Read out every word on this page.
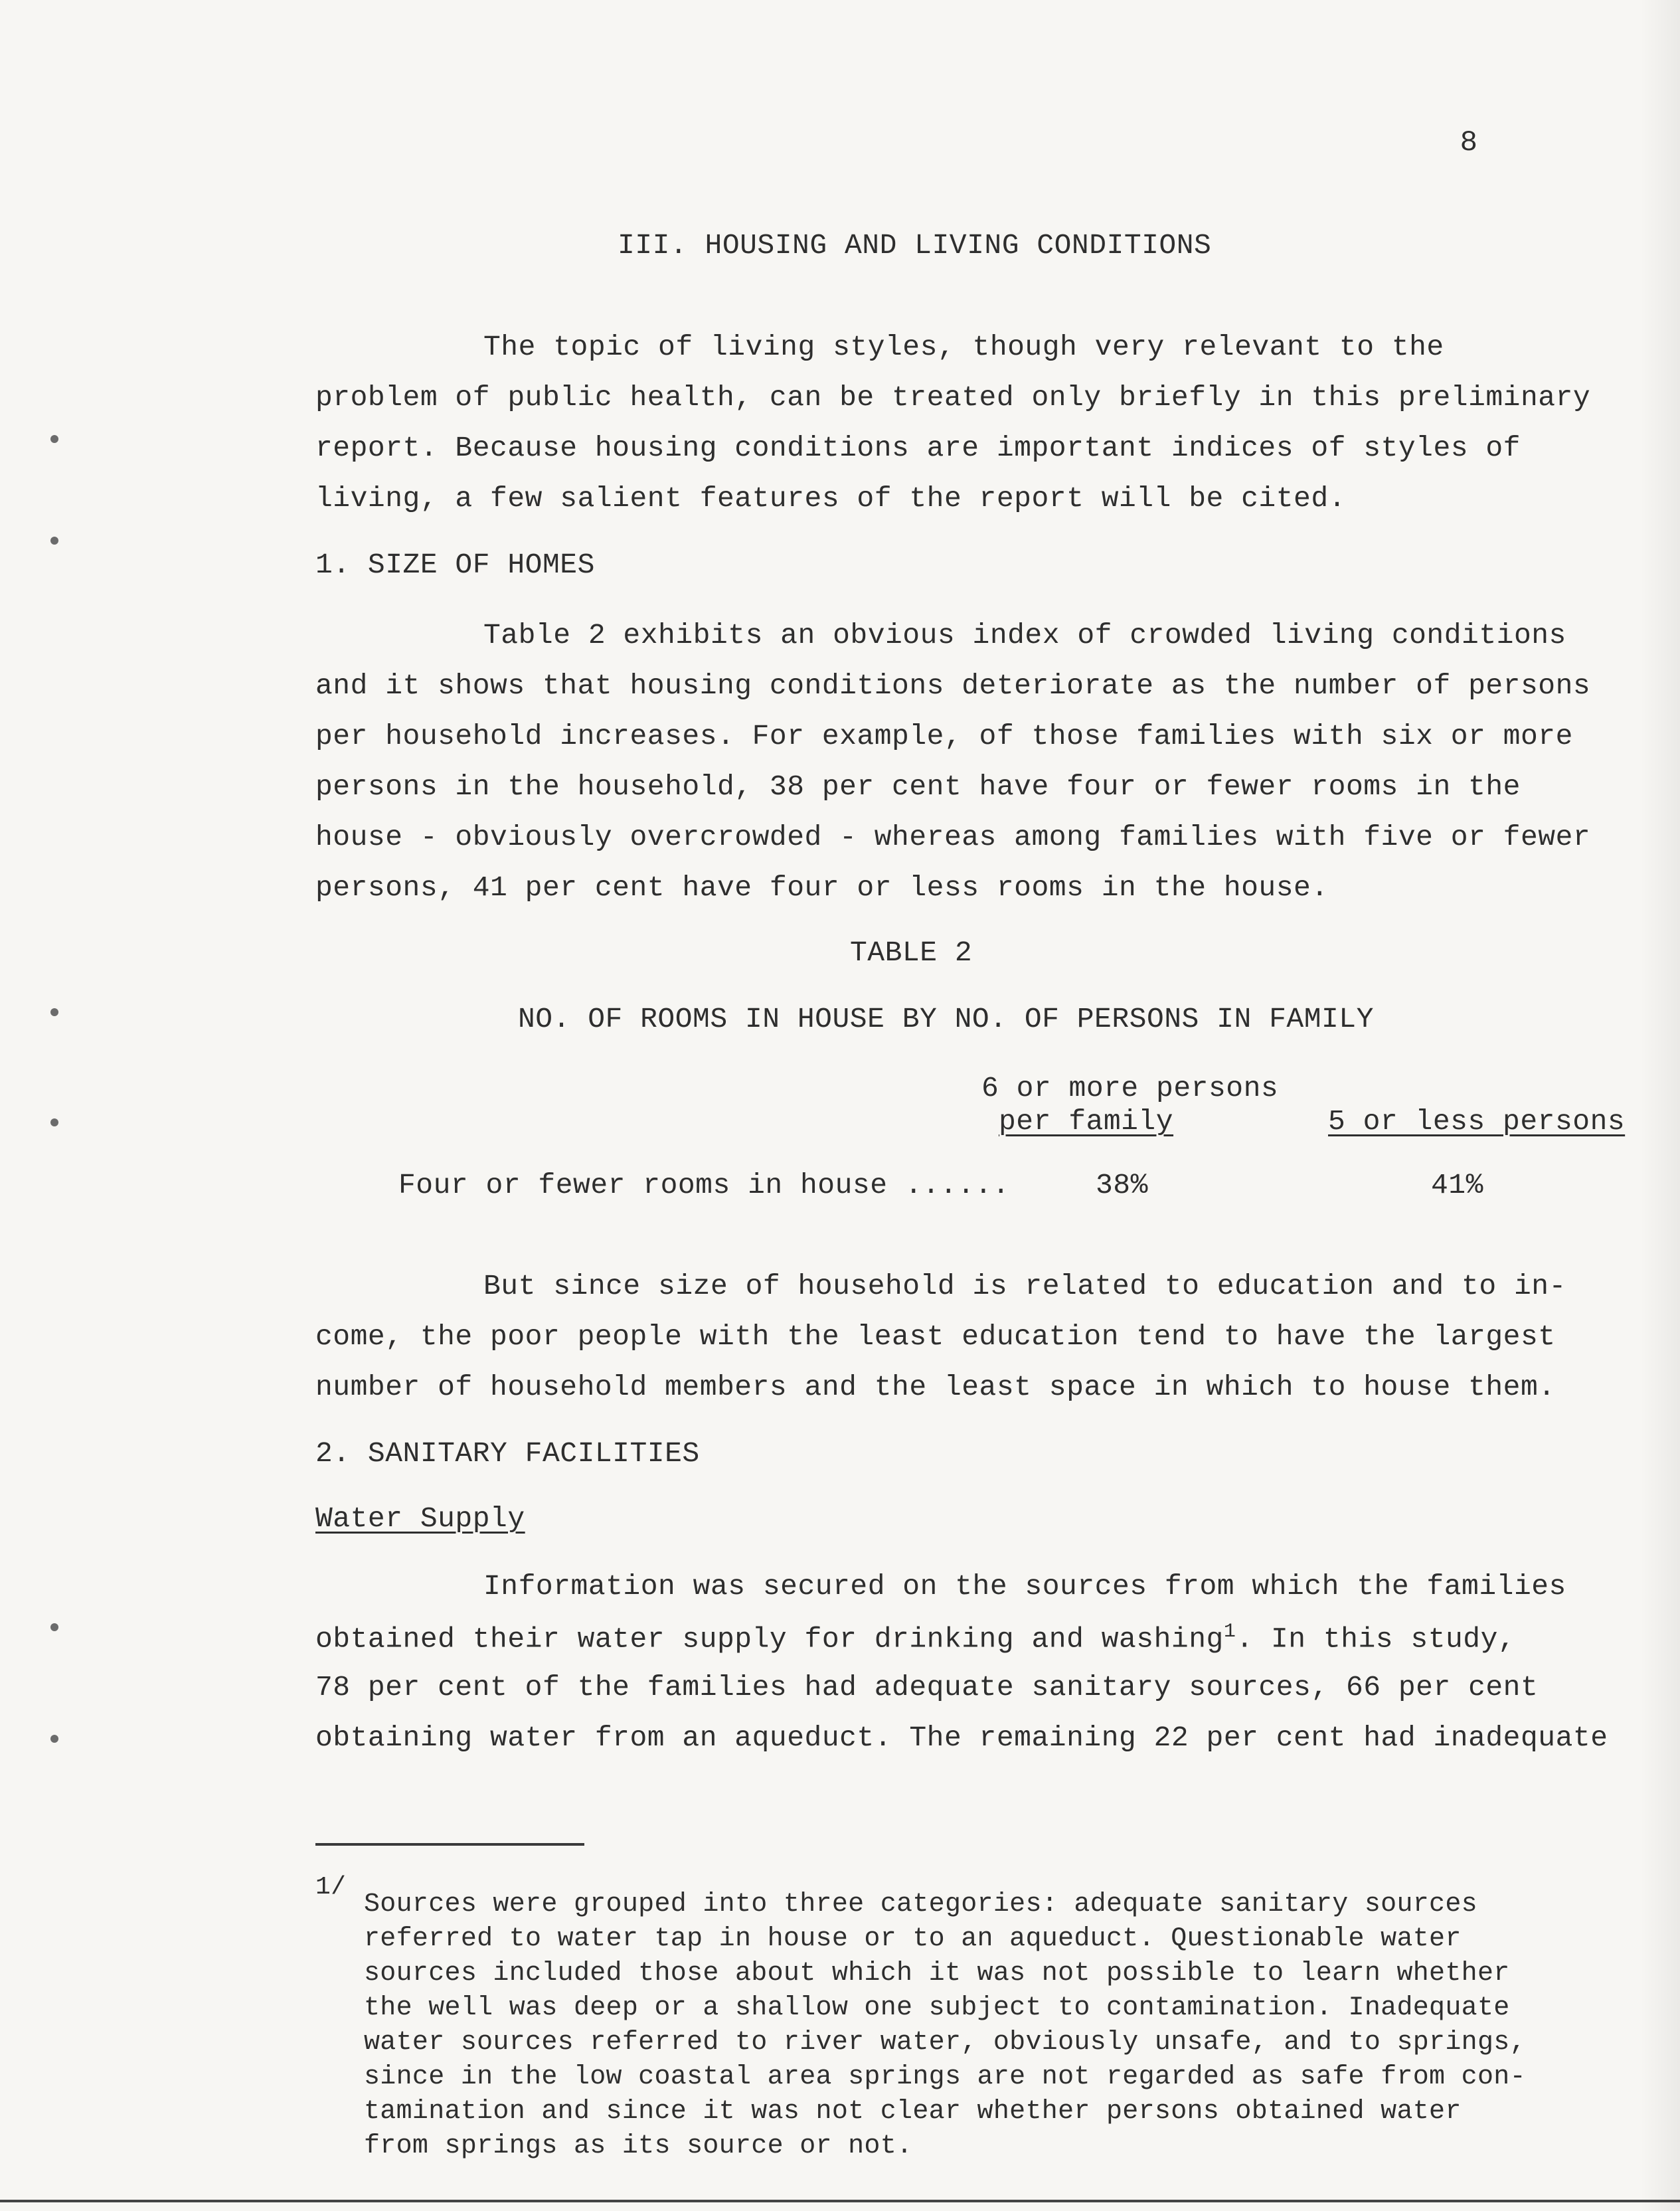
8
III. HOUSING AND LIVING CONDITIONS
The topic of living styles, though very relevant to the
problem of public health, can be treated only briefly in this preliminary
report. Because housing conditions are important indices of styles of
living, a few salient features of the report will be cited.
1. SIZE OF HOMES
Table 2 exhibits an obvious index of crowded living conditions
and it shows that housing conditions deteriorate as the number of persons
per household increases. For example, of those families with six or more
persons in the household, 38 per cent have four or fewer rooms in the
house - obviously overcrowded - whereas among families with five or fewer
persons, 41 per cent have four or less rooms in the house.
TABLE 2
NO. OF ROOMS IN HOUSE BY NO. OF PERSONS IN FAMILY
6 or more persons
per family	5 or less persons
Four or fewer rooms in house ......	38%	41%
But since size of household is related to education and to in-
come, the poor people with the least education tend to have the largest
number of household members and the least space in which to house them.
2. SANITARY FACILITIES
Water Supply
Information was secured on the sources from which the families
obtained their water supply for drinking and washing$^1$. In this study,
78 per cent of the families had adequate sanitary sources, 66 per cent
obtaining water from an aqueduct. The remaining 22 per cent had inadequate
1/
Sources were grouped into three categories: adequate sanitary sources
referred to water tap in house or to an aqueduct. Questionable water
sources included those about which it was not possible to learn whether
the well was deep or a shallow one subject to contamination. Inadequate
water sources referred to river water, obviously unsafe, and to springs,
since in the low coastal area springs are not regarded as safe from con-
tamination and since it was not clear whether persons obtained water
from springs as its source or not.
